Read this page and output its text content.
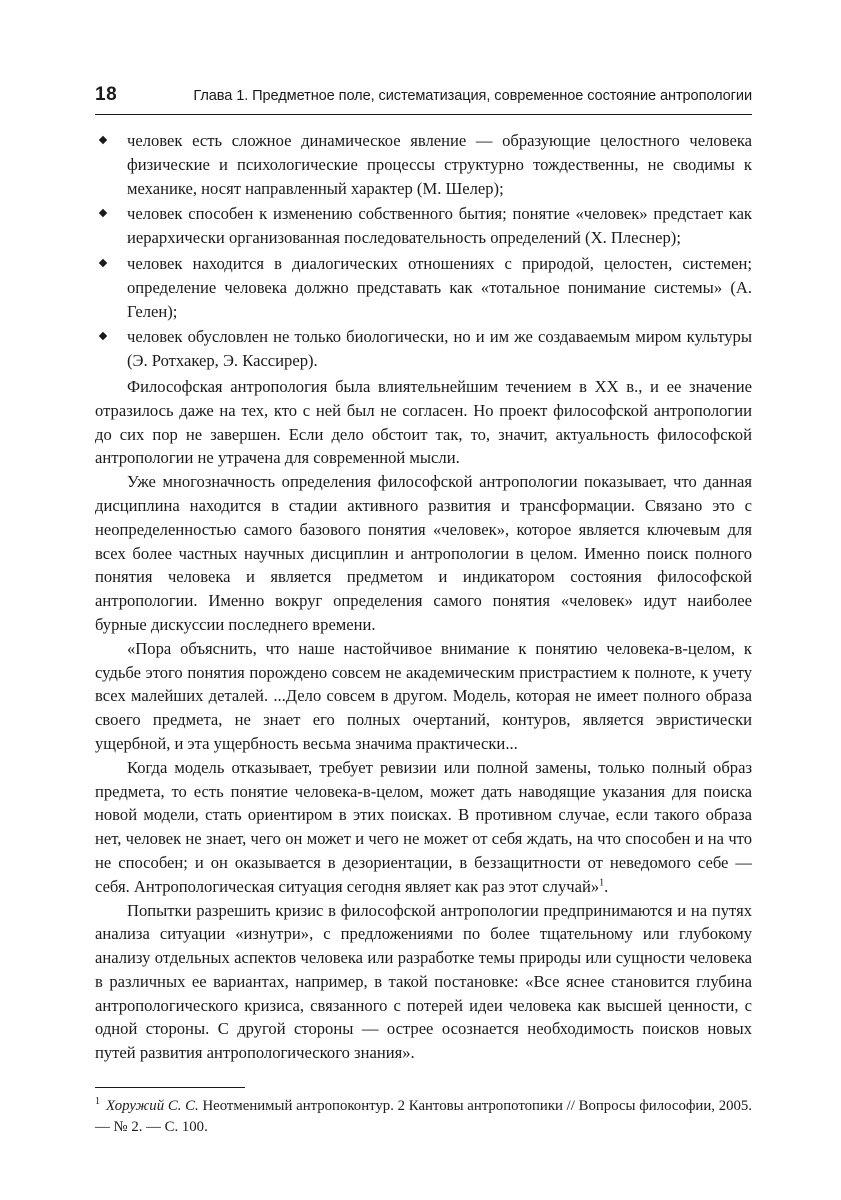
18	Глава 1. Предметное поле, систематизация, современное состояние антропологии
человек есть сложное динамическое явление — образующие целостного человека физические и психологические процессы структурно тождественны, не сводимы к механике, носят направленный характер (М. Шелер);
человек способен к изменению собственного бытия; понятие «человек» предстает как иерархически организованная последовательность определений (Х. Плеснер);
человек находится в диалогических отношениях с природой, целостен, системен; определение человека должно представать как «тотальное понимание системы» (А. Гелен);
человек обусловлен не только биологически, но и им же создаваемым миром культуры (Э. Ротхакер, Э. Кассирер).

Философская антропология была влиятельнейшим течением в XX в., и ее значение отразилось даже на тех, кто с ней был не согласен. Но проект философской антропологии до сих пор не завершен. Если дело обстоит так, то, значит, актуальность философской антропологии не утрачена для современной мысли.

Уже многозначность определения философской антропологии показывает, что данная дисциплина находится в стадии активного развития и трансформации. Связано это с неопределенностью самого базового понятия «человек», которое является ключевым для всех более частных научных дисциплин и антропологии в целом. Именно поиск полного понятия человека и является предметом и индикатором состояния философской антропологии. Именно вокруг определения самого понятия «человек» идут наиболее бурные дискуссии последнего времени.

«Пора объяснить, что наше настойчивое внимание к понятию человека-в-целом, к судьбе этого понятия порождено совсем не академическим пристрастием к полноте, к учету всех малейших деталей. ...Дело совсем в другом. Модель, которая не имеет полного образа своего предмета, не знает его полных очертаний, контуров, является эвристически ущербной, и эта ущербность весьма значима практически...

Когда модель отказывает, требует ревизии или полной замены, только полный образ предмета, то есть понятие человека-в-целом, может дать наводящие указания для поиска новой модели, стать ориентиром в этих поисках. В противном случае, если такого образа нет, человек не знает, чего он может и чего не может от себя ждать, на что способен и на что не способен; и он оказывается в дезориентации, в беззащитности от неведомого себе — себя. Антропологическая ситуация сегодня являет как раз этот случай»$^1$.

Попытки разрешить кризис в философской антропологии предпринимаются и на путях анализа ситуации «изнутри», с предложениями по более тщательному или глубокому анализу отдельных аспектов человека или разработке темы природы или сущности человека в различных ее вариантах, например, в такой постановке: «Все яснее становится глубина антропологического кризиса, связанного с потерей идеи человека как высшей ценности, с одной стороны. С другой стороны — острее осознается необходимость поисков новых путей развития антропологического знания».

$^1$ Хоружий С. С. Неотменимый антропоконтур. 2 Кантовы антропотопики // Вопросы философии, 2005. — № 2. — С. 100.
